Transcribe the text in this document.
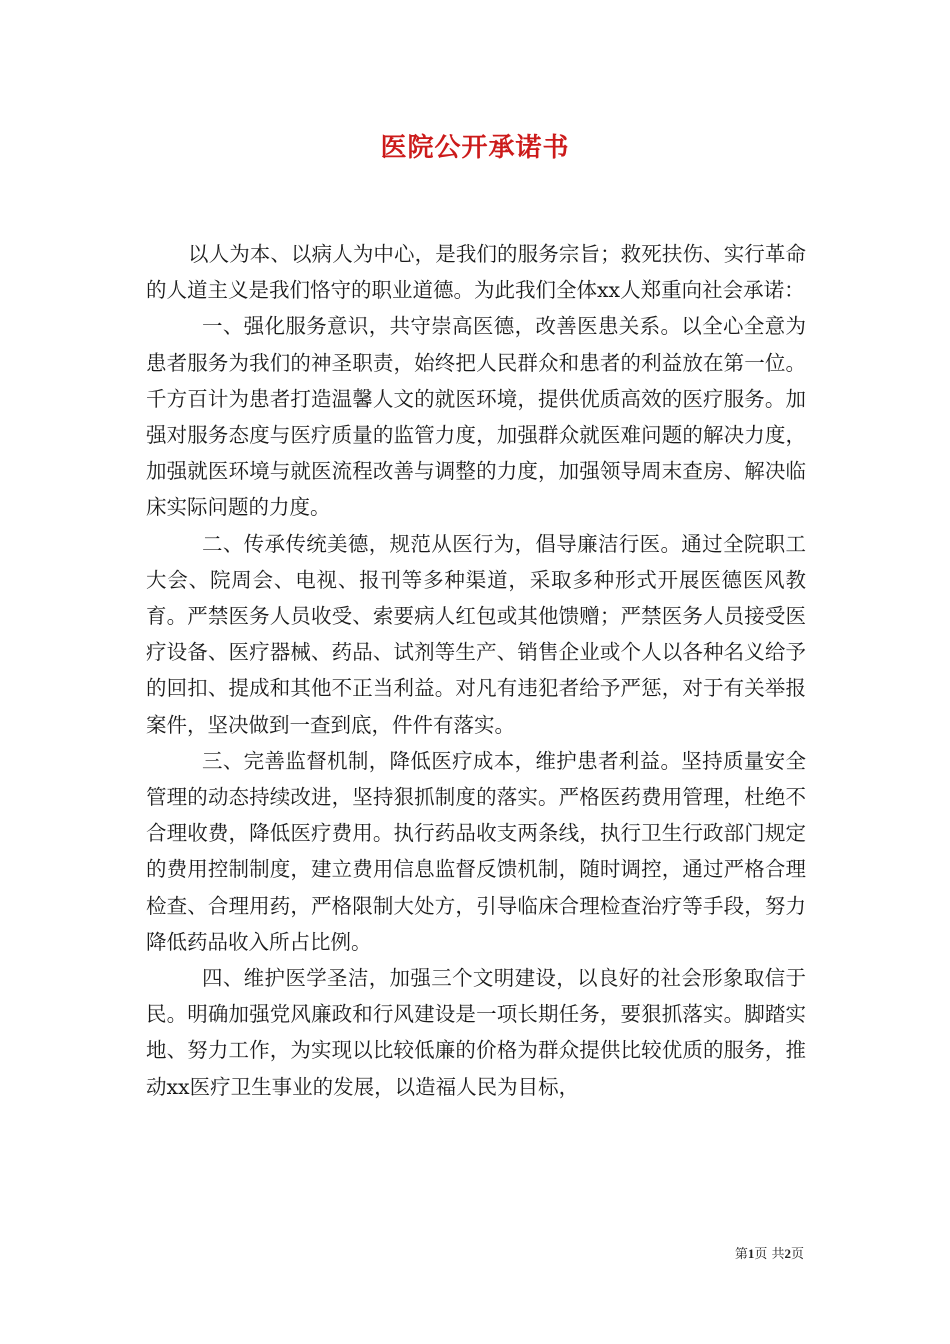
医院公开承诺书

以人为本、以病人为中心，是我们的服务宗旨；救死扶伤、实行革命的人道主义是我们恪守的职业道德。为此我们全体xx人郑重向社会承诺：

一、强化服务意识，共守崇高医德，改善医患关系。以全心全意为患者服务为我们的神圣职责，始终把人民群众和患者的利益放在第一位。千方百计为患者打造温馨人文的就医环境，提供优质高效的医疗服务。加强对服务态度与医疗质量的监管力度，加强群众就医难问题的解决力度，加强就医环境与就医流程改善与调整的力度，加强领导周末查房、解决临床实际问题的力度。

二、传承传统美德，规范从医行为，倡导廉洁行医。通过全院职工大会、院周会、电视、报刊等多种渠道，采取多种形式开展医德医风教育。严禁医务人员收受、索要病人红包或其他馈赠；严禁医务人员接受医疗设备、医疗器械、药品、试剂等生产、销售企业或个人以各种名义给予的回扣、提成和其他不正当利益。对凡有违犯者给予严惩，对于有关举报案件，坚决做到一查到底，件件有落实。

三、完善监督机制，降低医疗成本，维护患者利益。坚持质量安全管理的动态持续改进，坚持狠抓制度的落实。严格医药费用管理，杜绝不合理收费，降低医疗费用。执行药品收支两条线，执行卫生行政部门规定的费用控制制度，建立费用信息监督反馈机制，随时调控，通过严格合理检查、合理用药，严格限制大处方，引导临床合理检查治疗等手段，努力降低药品收入所占比例。

四、维护医学圣洁，加强三个文明建设，以良好的社会形象取信于民。明确加强党风廉政和行风建设是一项长期任务，要狠抓落实。脚踏实地、努力工作，为实现以比较低廉的价格为群众提供比较优质的服务，推动xx医疗卫生事业的发展，以造福人民为目标，

第1页 共2页
